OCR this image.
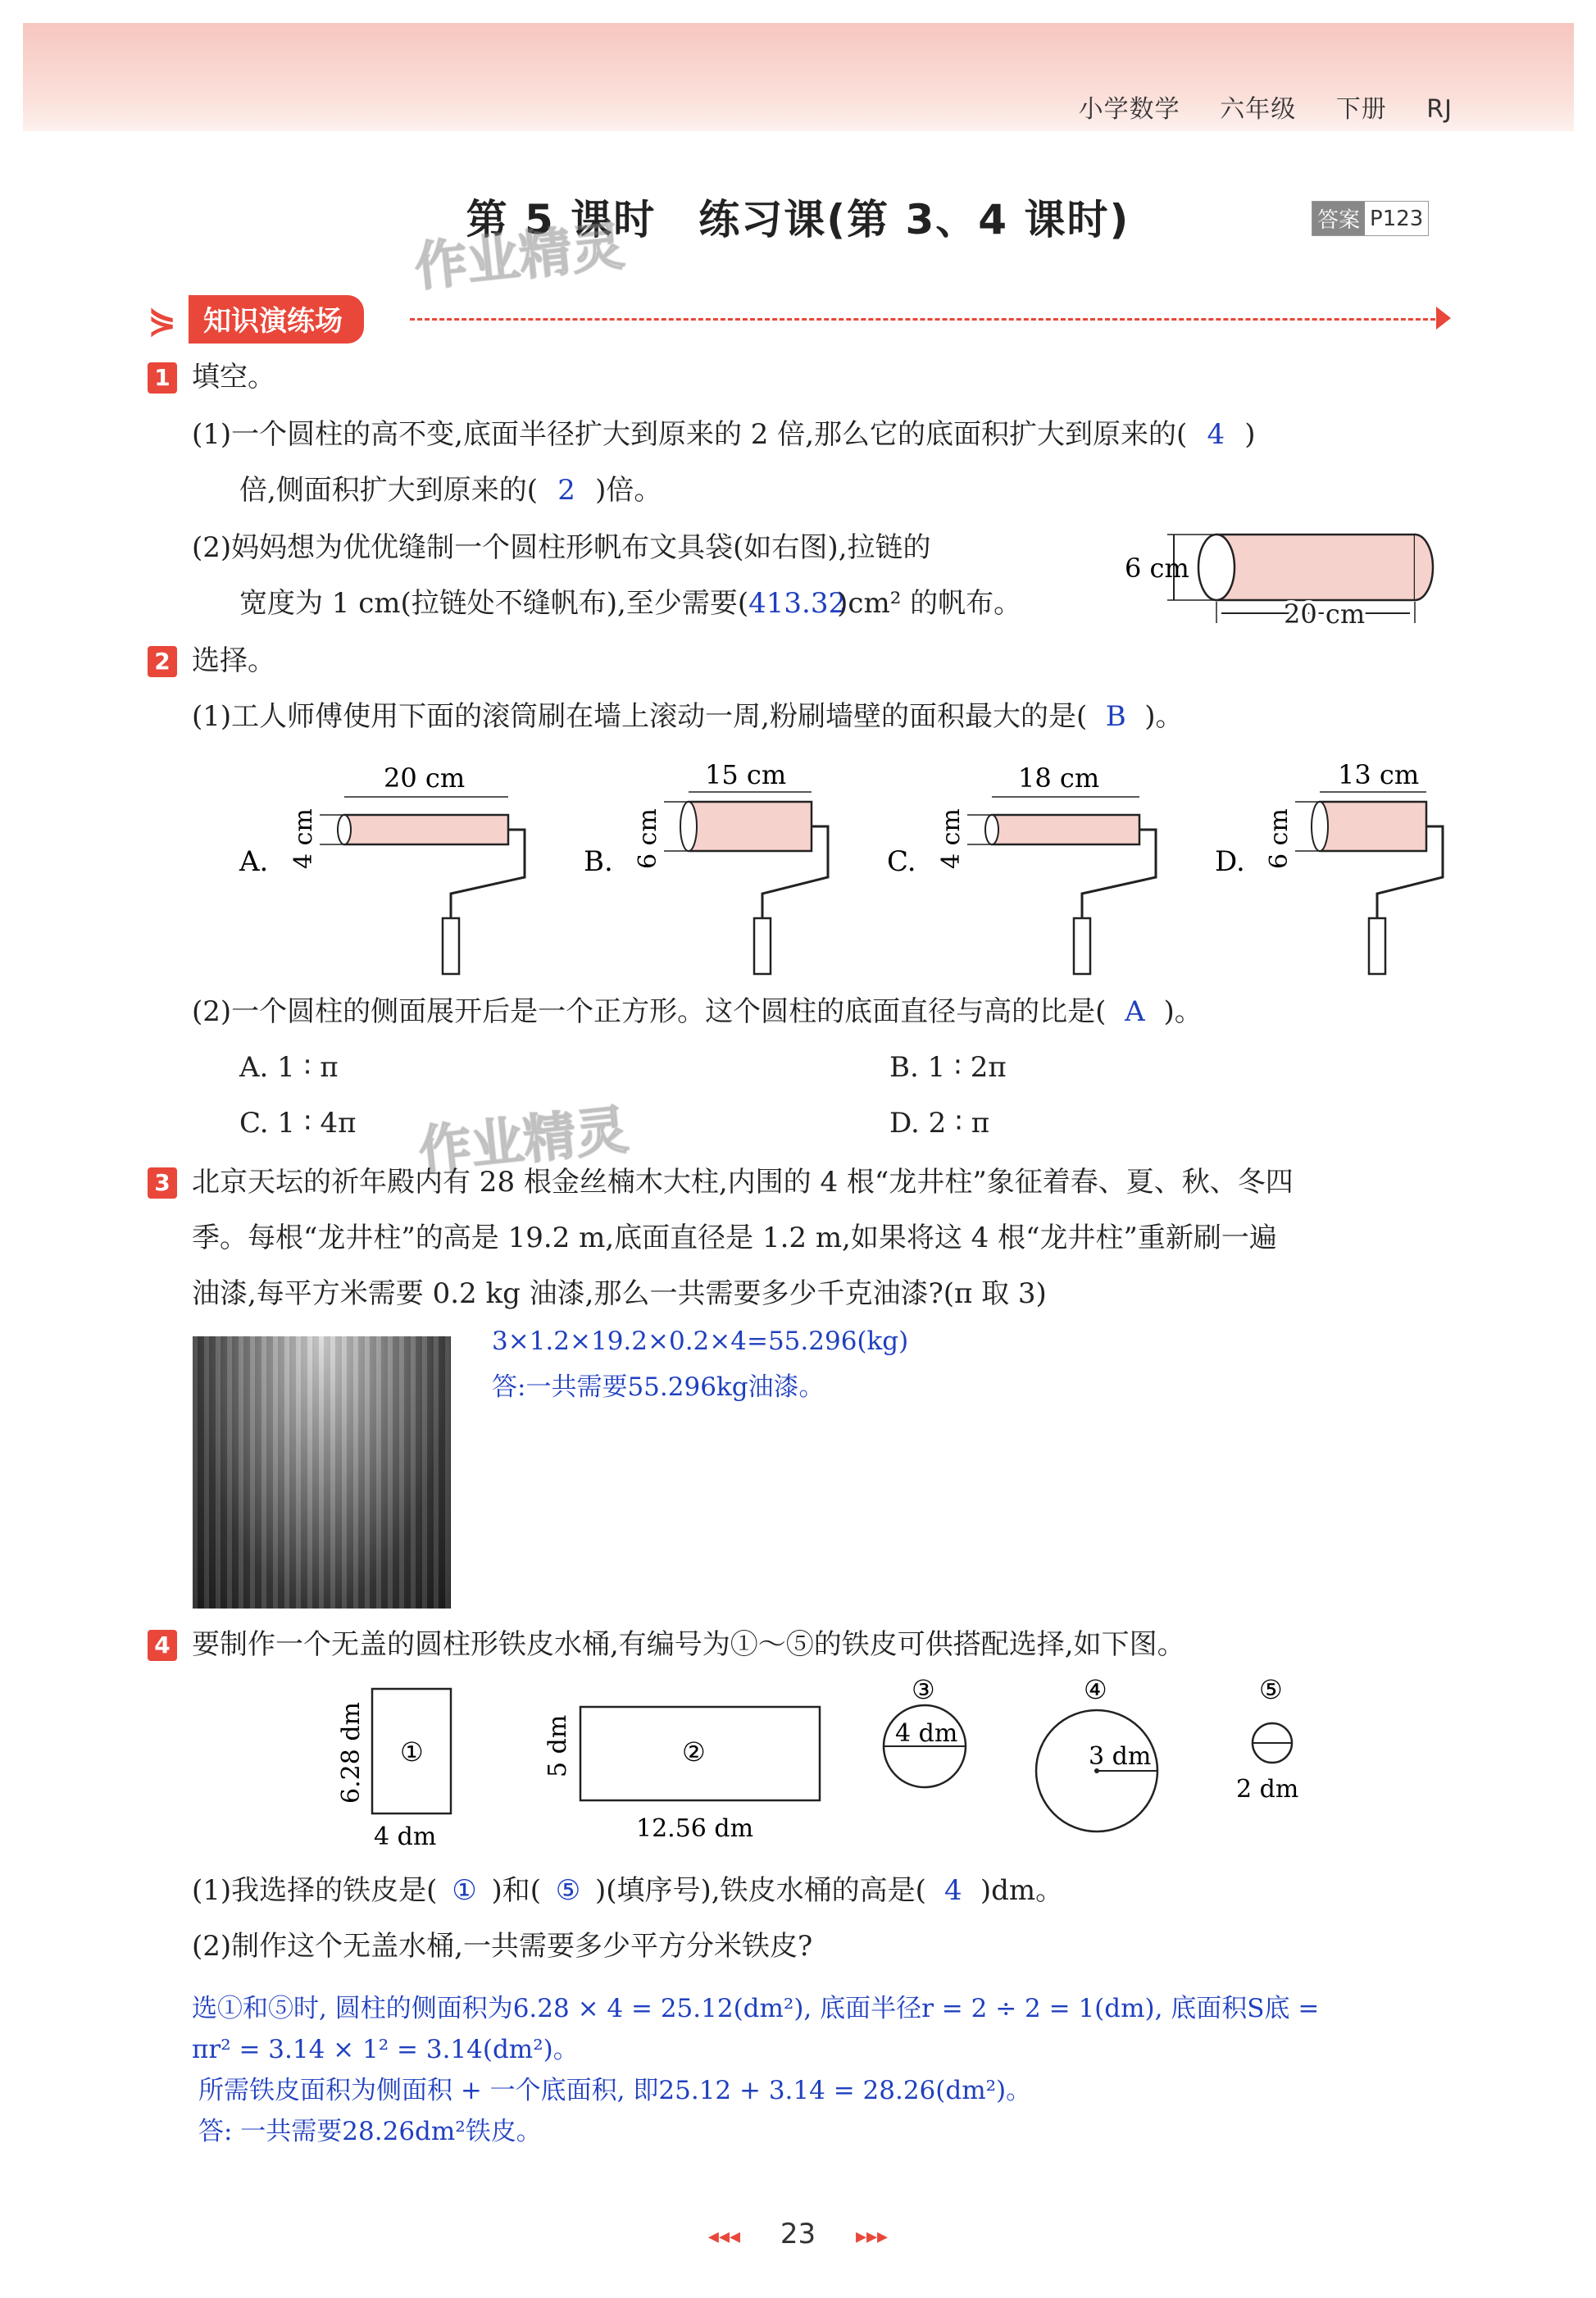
小学数学 六年级 下册 RJ
第 5 课时　练习课(第 3、4 课时)	答案 P123
作业精灵
作业精灵
⋟ 知识演练场
1 填空。
(1)一个圆柱的高不变,底面半径扩大到原来的 2 倍,那么它的底面积扩大到原来的( 4 )
倍,侧面积扩大到原来的( 2 )倍。
(2)妈妈想为优优缝制一个圆柱形帆布文具袋(如右图),拉链的
宽度为 1 cm(拉链处不缝帆布),至少需要(413.32)cm² 的帆布。
6 cm
20 cm
2 选择。
(1)工人师傅使用下面的滚筒刷在墙上滚动一周,粉刷墙壁的面积最大的是( B )。
A. 4 cm
20 cm
B. 6 cm
15 cm
C. 4 cm
18 cm
D. 6 cm
13 cm
(2)一个圆柱的侧面展开后是一个正方形。这个圆柱的底面直径与高的比是( A )。
A. 1 ∶ π	B. 1 ∶ 2π
C. 1 ∶ 4π	D. 2 ∶ π
3 北京天坛的祈年殿内有 28 根金丝楠木大柱,内围的 4 根“龙井柱”象征着春、夏、秋、冬四
季。每根“龙井柱”的高是 19.2 m,底面直径是 1.2 m,如果将这 4 根“龙井柱”重新刷一遍
油漆,每平方米需要 0.2 kg 油漆,那么一共需要多少千克油漆?(π 取 3)
3×1.2×19.2×0.2×4=55.296(kg)
答:一共需要55.296kg油漆。
4 要制作一个无盖的圆柱形铁皮水桶,有编号为①～⑤的铁皮可供搭配选择,如下图。
①
6.28 dm
4 dm
②
5 dm
12.56 dm
③
4 dm
④
3 dm
⑤
2 dm
(1)我选择的铁皮是( ① )和( ⑤ )(填序号),铁皮水桶的高是( 4 )dm。
(2)制作这个无盖水桶,一共需要多少平方分米铁皮?
选①和⑤时, 圆柱的侧面积为6.28 × 4 = 25.12(dm²), 底面半径r = 2 ÷ 2 = 1(dm), 底面积S底 =
πr² = 3.14 × 1² = 3.14(dm²)。
所需铁皮面积为侧面积 + 一个底面积, 即25.12 + 3.14 = 28.26(dm²)。
答: 一共需要28.26dm²铁皮。
◂◂◂ 23 ▸▸▸
